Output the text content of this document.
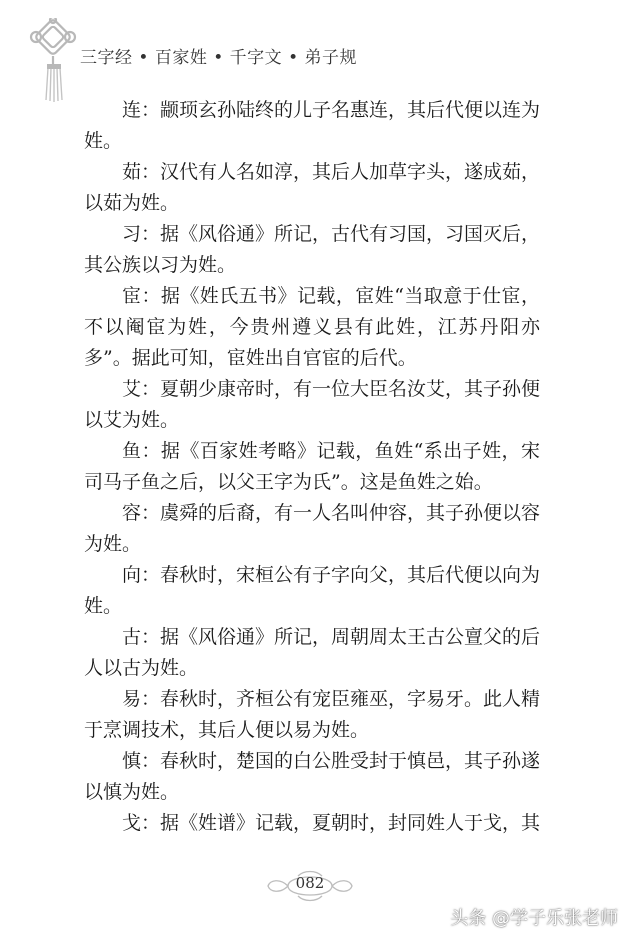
三字经 • 百家姓 • 千字文 • 弟子规

连：颛顼玄孙陆终的儿子名惠连，其后代便以连为姓。

茹：汉代有人名如淳，其后人加草字头，遂成茹，以茹为姓。

习：据《风俗通》所记，古代有习国，习国灭后，其公族以习为姓。

宦：据《姓氏五书》记载，宦姓“当取意于仕宦，不以阉宦为姓，今贵州遵义县有此姓，江苏丹阳亦多”。据此可知，宦姓出自官宦的后代。

艾：夏朝少康帝时，有一位大臣名汝艾，其子孙便以艾为姓。

鱼：据《百家姓考略》记载，鱼姓“系出子姓，宋司马子鱼之后，以父王字为氏”。这是鱼姓之始。

容：虞舜的后裔，有一人名叫仲容，其子孙便以容为姓。

向：春秋时，宋桓公有子字向父，其后代便以向为姓。

古：据《风俗通》所记，周朝周太王古公亶父的后人以古为姓。

易：春秋时，齐桓公有宠臣雍巫，字易牙。此人精于烹调技术，其后人便以易为姓。

慎：春秋时，楚国的白公胜受封于慎邑，其子孙遂以慎为姓。

戈：据《姓谱》记载，夏朝时，封同姓人于戈，其

082
头条 @学子乐张老师
